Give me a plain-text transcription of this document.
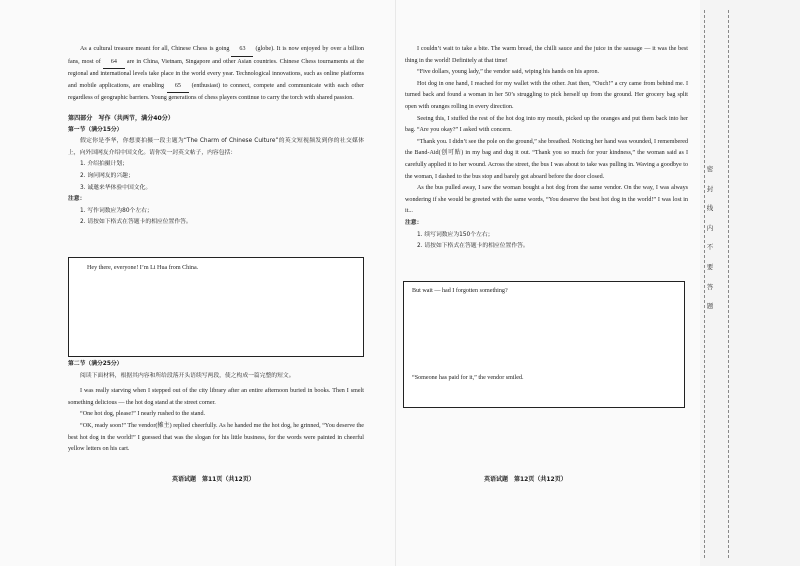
As a cultural treasure meant for all, Chinese Chess is going 63 (globe). It is now enjoyed by over a billion fans, most of 64 are in China, Vietnam, Singapore and other Asian countries. Chinese Chess tournaments at the regional and international levels take place in the world every year. Technological innovations, such as online platforms and mobile applications, are enabling 65 (enthusiast) to connect, compete and communicate with each other regardless of geographic barriers. Young generations of chess players continue to carry the torch with shared passion.

第四部分　写作（共两节，满分40分）
第一节（满分15分）
假定你是李华，你想要拍摄一段主题为“The Charm of Chinese Culture”的英文短视频发到你的社交媒体上，向外国网友介绍中国文化。请你发一封英文帖子，内容包括：
1. 介绍拍摄计划；
2. 询问网友的兴趣；
3. 诚邀来华体验中国文化。
注意：
1. 写作词数应为80个左右；
2. 请按如下格式在答题卡的相应位置作答。
Hey there, everyone! I’m Li Hua from China.
第二节（满分25分）
阅读下面材料，根据其内容和所给段落开头语续写两段，使之构成一篇完整的短文。

I was really starving when I stepped out of the city library after an entire afternoon buried in books. Then I smelt something delicious — the hot dog stand at the street corner.

“One hot dog, please!” I nearly rushed to the stand.

“OK, ready soon!” The vendor(摊主) replied cheerfully. As he handed me the hot dog, he grinned, “You deserve the best hot dog in the world!” I guessed that was the slogan for his little business, for the words were painted in cheerful yellow letters on his cart.

英语试题　第11页（共12页）

I couldn’t wait to take a bite. The warm bread, the chilli sauce and the juice in the sausage — it was the best thing in the world! Definitely at that time!

“Five dollars, young lady,” the vendor said, wiping his hands on his apron.

Hot dog in one hand, I reached for my wallet with the other. Just then, “Ouch!” a cry came from behind me. I turned back and found a woman in her 50’s struggling to pick herself up from the ground. Her grocery bag split open with oranges rolling in every direction.

Seeing this, I stuffed the rest of the hot dog into my mouth, picked up the oranges and put them back into her bag. “Are you okay?” I asked with concern.

“Thank you. I didn’t see the pole on the ground,” she breathed. Noticing her hand was wounded, I remembered the Band-Aid(创可贴) in my bag and dug it out. “Thank you so much for your kindness,” the woman said as I carefully applied it to her wound. Across the street, the bus I was about to take was pulling in. Waving a goodbye to the woman, I dashed to the bus stop and barely got aboard before the door closed.

As the bus pulled away, I saw the woman bought a hot dog from the same vendor. On the way, I was always wondering if she would be greeted with the same words, “You deserve the best hot dog in the world!” I was lost in it...

注意：
1. 续写词数应为150个左右；
2. 请按如下格式在答题卡的相应位置作答。
But wait — had I forgotten something?
“Someone has paid for it,” the vendor smiled.
英语试题　第12页（共12页）
密
封
线
内
不
要
答
题
